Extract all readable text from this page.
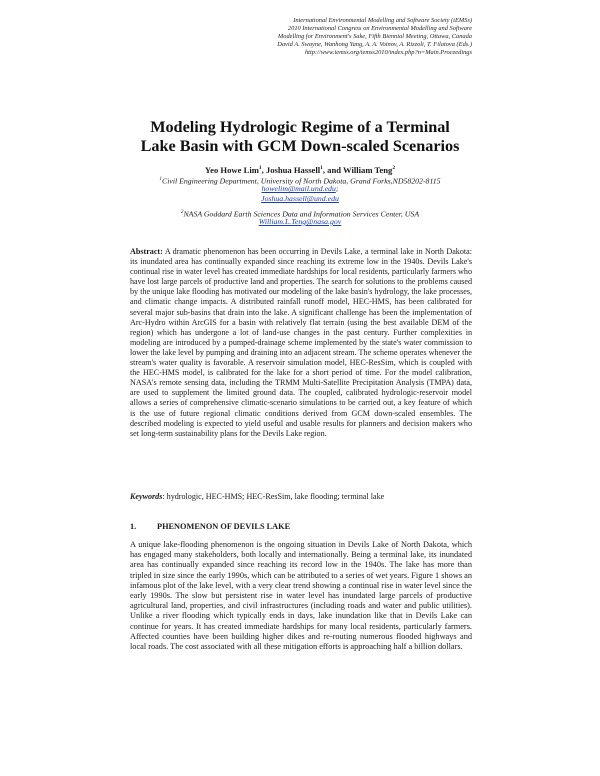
International Environmental Modelling and Software Society (iEMSs)
2010 International Congress on Environmental Modelling and Software
Modelling for Environment's Sake, Fifth Biennial Meeting, Ottawa, Canada
David A. Swayne, Wanhong Yang, A. A. Voinov, A. Rizzoli, T. Filatova (Eds.)
http://www.iemss.org/iemss2010/index.php?n=Main.Proceedings
Modeling Hydrologic Regime of a Terminal
Lake Basin with GCM Down-scaled Scenarios
Yeo Howe Lim$^1$, Joshua Hassell$^1$, and William Teng$^2$
$^1$Civil Engineering Department, University of North Dakota, Grand Forks,ND58202-8115
howelim@mail.und.edu;
Joshua.hassell@und.edu
$^2$NASA Goddard Earth Sciences Data and Information Services Center, USA
William.L.Teng@nasa.gov
Abstract: A dramatic phenomenon has been occurring in Devils Lake, a terminal lake in North Dakota: its inundated area has continually expanded since reaching its extreme low in the 1940s. Devils Lake's continual rise in water level has created immediate hardships for local residents, particularly farmers who have lost large parcels of productive land and properties. The search for solutions to the problems caused by the unique lake flooding has motivated our modeling of the lake basin's hydrology, the lake processes, and climatic change impacts. A distributed rainfall runoff model, HEC-HMS, has been calibrated for several major sub-basins that drain into the lake. A significant challenge has been the implementation of Arc-Hydro within ArcGIS for a basin with relatively flat terrain (using the best available DEM of the region) which has undergone a lot of land-use changes in the past century. Further complexities in modeling are introduced by a pumped-drainage scheme implemented by the state's water commission to lower the lake level by pumping and draining into an adjacent stream. The scheme operates whenever the stream's water quality is favorable. A reservoir simulation model, HEC-ResSim, which is coupled with the HEC-HMS model, is calibrated for the lake for a short period of time. For the model calibration, NASA's remote sensing data, including the TRMM Multi-Satellite Precipitation Analysis (TMPA) data, are used to supplement the limited ground data. The coupled, calibrated hydrologic-reservoir model allows a series of comprehensive climatic-scenario simulations to be carried out, a key feature of which is the use of future regional climatic conditions derived from GCM down-scaled ensembles. The described modeling is expected to yield useful and usable results for planners and decision makers who set long-term sustainability plans for the Devils Lake region.
Keywords: hydrologic, HEC-HMS; HEC-ResSim, lake flooding; terminal lake
1.	PHENOMENON OF DEVILS LAKE
A unique lake-flooding phenomenon is the ongoing situation in Devils Lake of North Dakota, which has engaged many stakeholders, both locally and internationally. Being a terminal lake, its inundated area has continually expanded since reaching its record low in the 1940s. The lake has more than tripled in size since the early 1990s, which can be attributed to a series of wet years. Figure 1 shows an infamous plot of the lake level, with a very clear trend showing a continual rise in water level since the early 1990s. The slow but persistent rise in water level has inundated large parcels of productive agricultural land, properties, and civil infrastructures (including roads and water and public utilities). Unlike a river flooding which typically ends in days, lake inundation like that in Devils Lake can continue for years. It has created immediate hardships for many local residents, particularly farmers. Affected counties have been building higher dikes and re-routing numerous flooded highways and local roads. The cost associated with all these mitigation efforts is approaching half a billion dollars.
